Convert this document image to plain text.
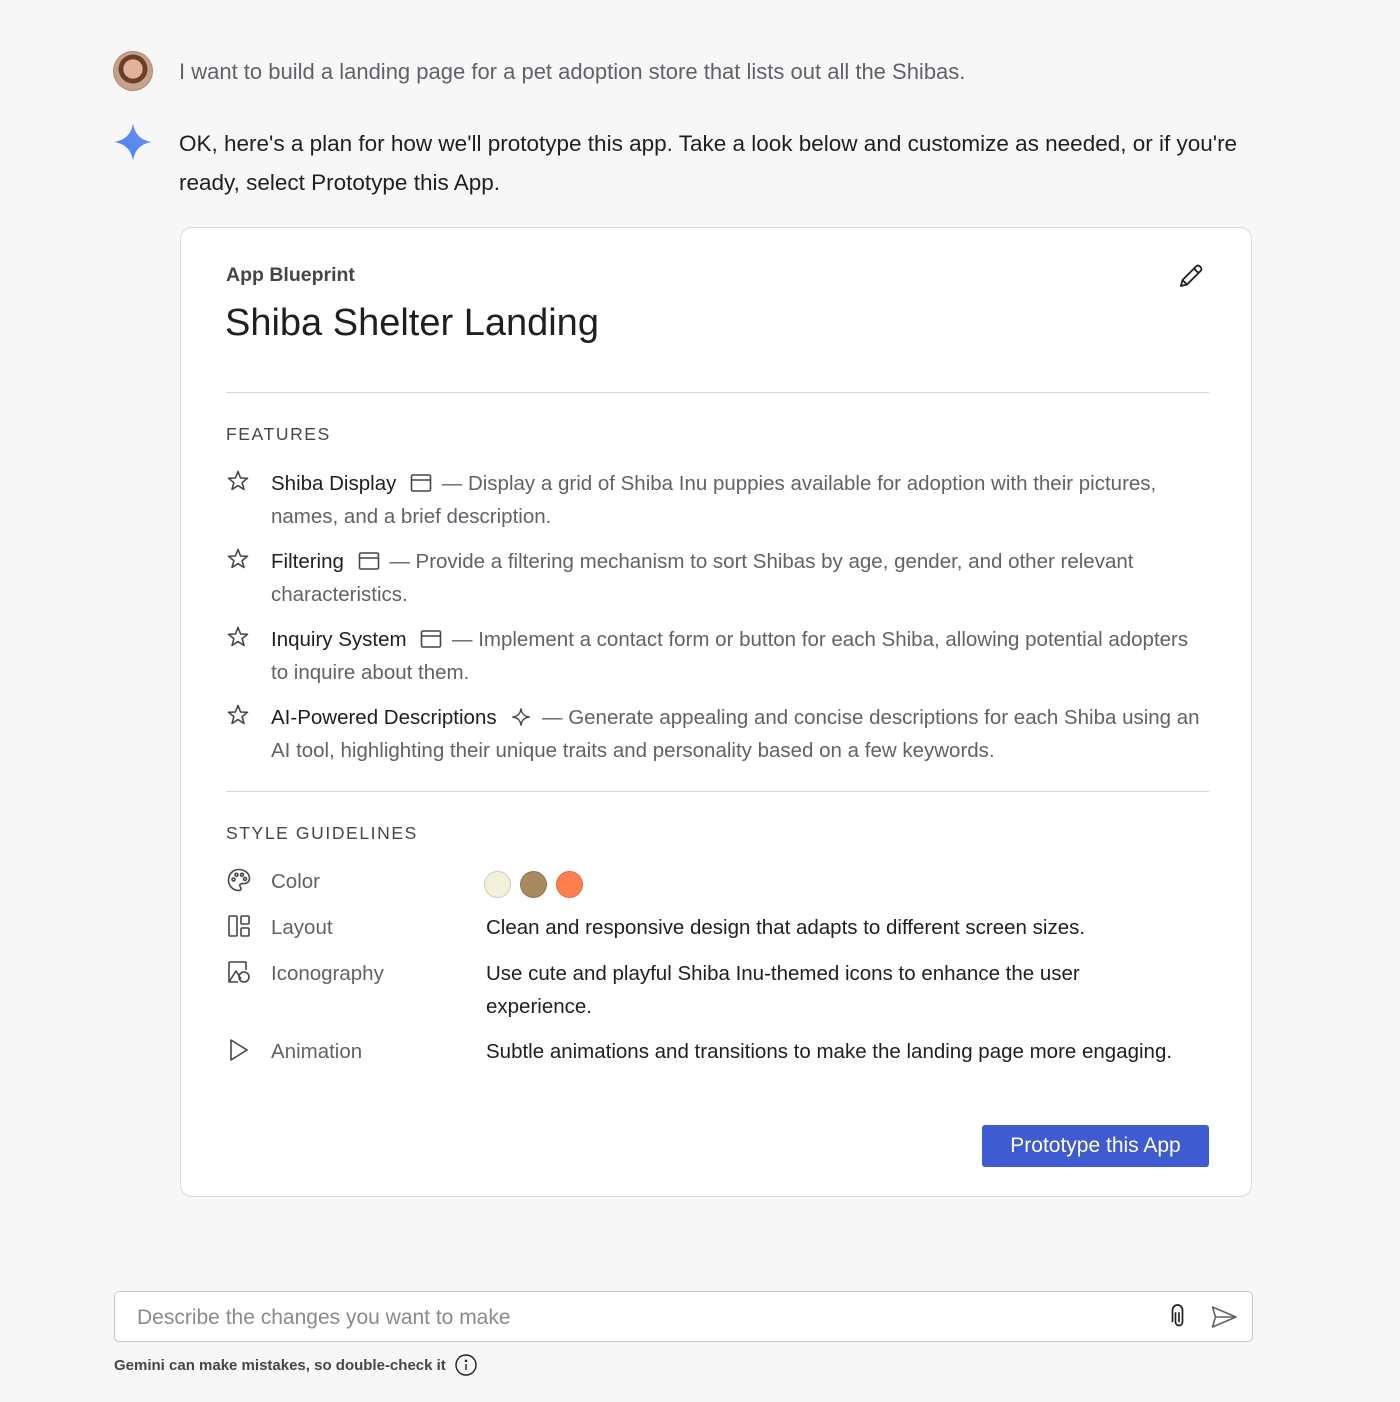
I want to build a landing page for a pet adoption store that lists out all the Shibas.
OK, here's a plan for how we'll prototype this app. Take a look below and customize as needed, or if you're ready, select Prototype this App.
App Blueprint
Shiba Shelter Landing
FEATURES
Shiba Display — Display a grid of Shiba Inu puppies available for adoption with their pictures, names, and a brief description.
Filtering — Provide a filtering mechanism to sort Shibas by age, gender, and other relevant characteristics.
Inquiry System — Implement a contact form or button for each Shiba, allowing potential adopters to inquire about them.
AI-Powered Descriptions — Generate appealing and concise descriptions for each Shiba using an AI tool, highlighting their unique traits and personality based on a few keywords.
STYLE GUIDELINES
Color
Layout	Clean and responsive design that adapts to different screen sizes.
Iconography	Use cute and playful Shiba Inu-themed icons to enhance the user experience.
Animation	Subtle animations and transitions to make the landing page more engaging.
Prototype this App
Describe the changes you want to make
Gemini can make mistakes, so double-check it
